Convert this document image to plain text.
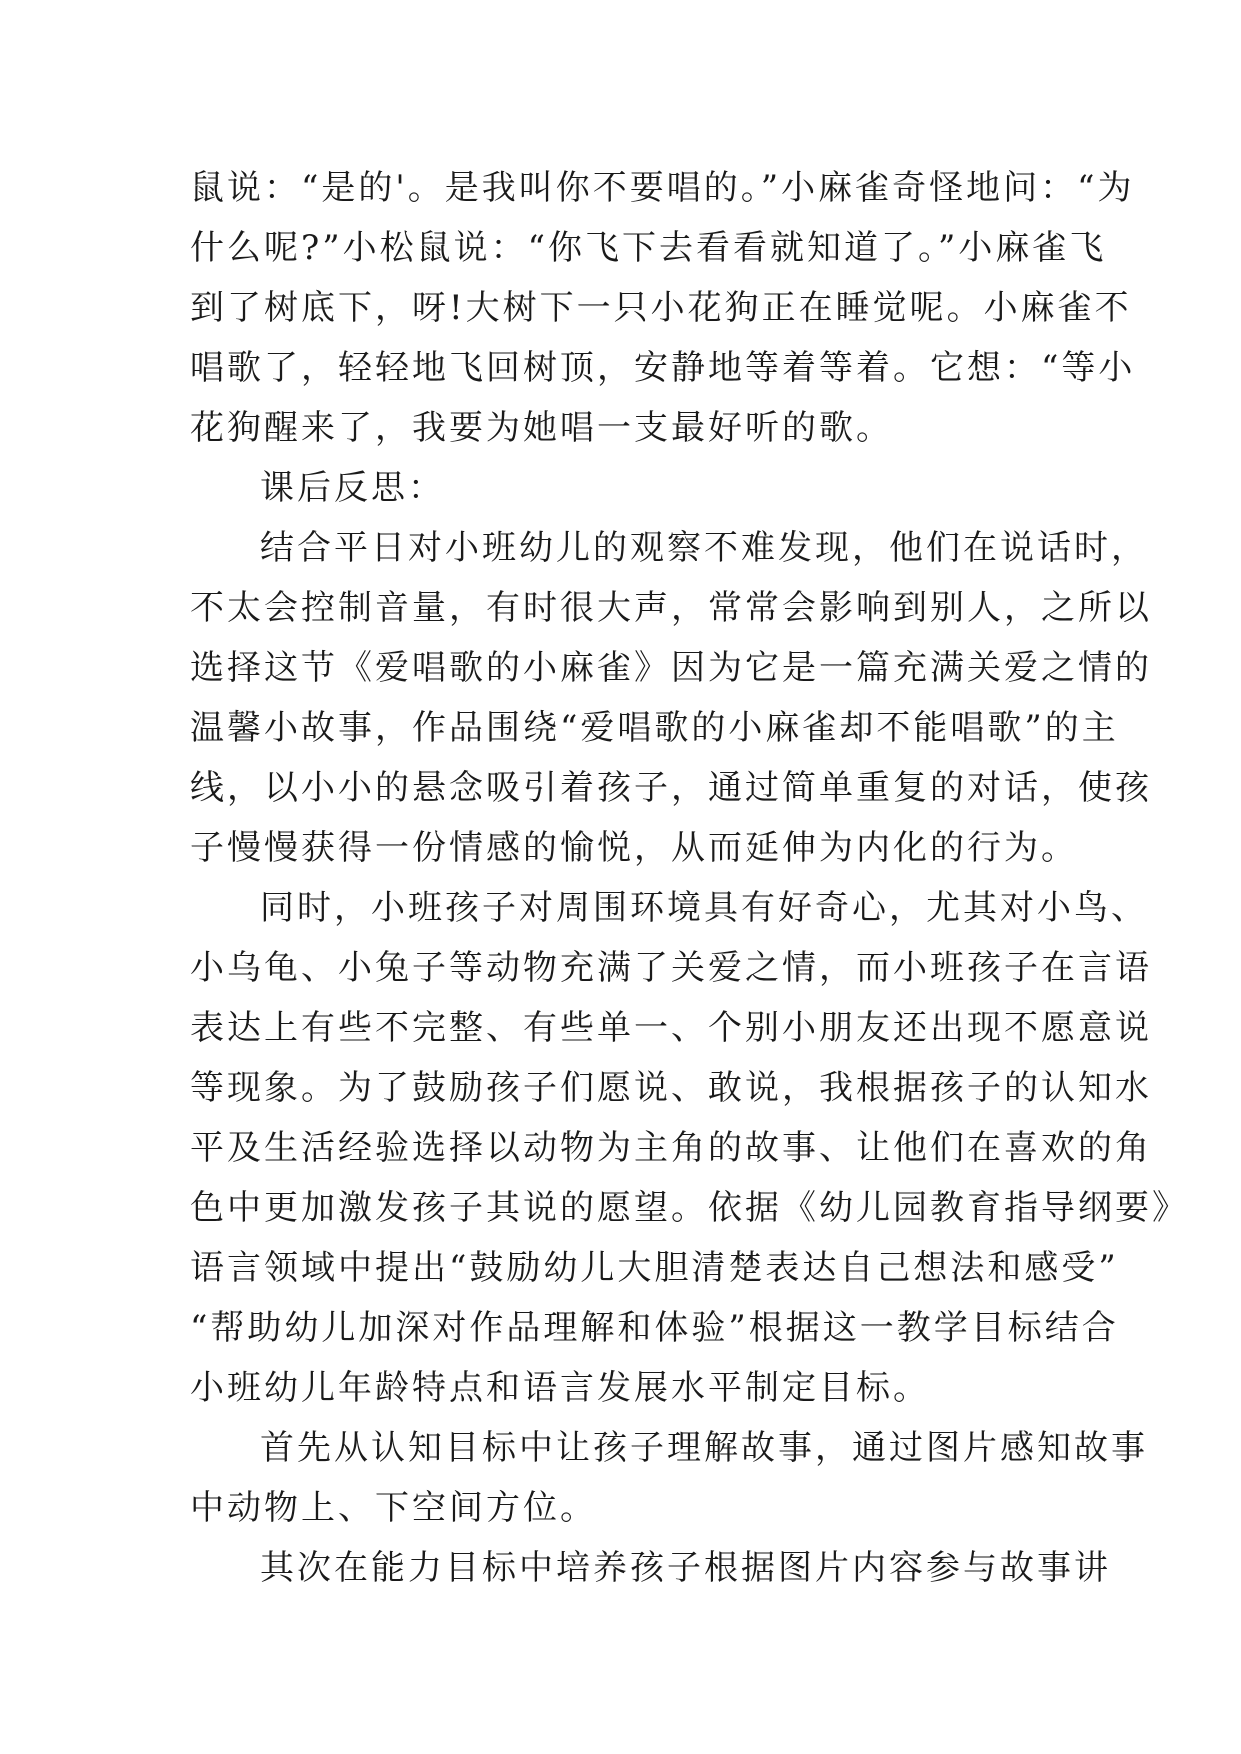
鼠说：“是的'。是我叫你不要唱的。”小麻雀奇怪地问：“为
什么呢?”小松鼠说：“你飞下去看看就知道了。”小麻雀飞
到了树底下，呀!大树下一只小花狗正在睡觉呢。小麻雀不
唱歌了，轻轻地飞回树顶，安静地等着等着。它想：“等小
花狗醒来了，我要为她唱一支最好听的歌。
课后反思：
结合平日对小班幼儿的观察不难发现，他们在说话时，
不太会控制音量，有时很大声，常常会影响到别人，之所以
选择这节《爱唱歌的小麻雀》因为它是一篇充满关爱之情的
温馨小故事，作品围绕“爱唱歌的小麻雀却不能唱歌”的主
线，以小小的悬念吸引着孩子，通过简单重复的对话，使孩
子慢慢获得一份情感的愉悦，从而延伸为内化的行为。
同时，小班孩子对周围环境具有好奇心，尤其对小鸟、
小乌龟、小兔子等动物充满了关爱之情，而小班孩子在言语
表达上有些不完整、有些单一、个别小朋友还出现不愿意说
等现象。为了鼓励孩子们愿说、敢说，我根据孩子的认知水
平及生活经验选择以动物为主角的故事、让他们在喜欢的角
色中更加激发孩子其说的愿望。依据《幼儿园教育指导纲要》
语言领域中提出“鼓励幼儿大胆清楚表达自己想法和感受”
“帮助幼儿加深对作品理解和体验”根据这一教学目标结合
小班幼儿年龄特点和语言发展水平制定目标。
首先从认知目标中让孩子理解故事，通过图片感知故事
中动物上、下空间方位。
其次在能力目标中培养孩子根据图片内容参与故事讲
